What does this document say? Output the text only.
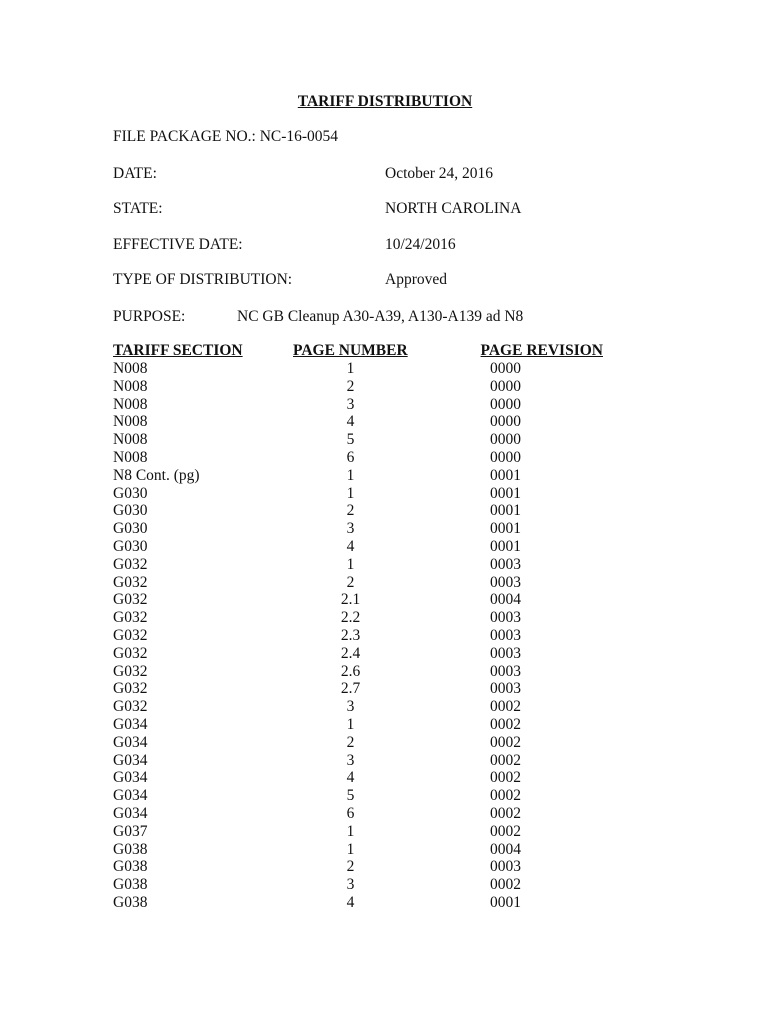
TARIFF DISTRIBUTION
FILE PACKAGE NO.: NC-16-0054
DATE:	October 24, 2016
STATE:	NORTH CAROLINA
EFFECTIVE DATE:	10/24/2016
TYPE OF DISTRIBUTION:	Approved
PURPOSE:	NC GB Cleanup A30-A39, A130-A139 ad N8
TARIFF SECTION	PAGE NUMBER	PAGE REVISION
N008	1	0000
N008	2	0000
N008	3	0000
N008	4	0000
N008	5	0000
N008	6	0000
N8 Cont. (pg)	1	0001
G030	1	0001
G030	2	0001
G030	3	0001
G030	4	0001
G032	1	0003
G032	2	0003
G032	2.1	0004
G032	2.2	0003
G032	2.3	0003
G032	2.4	0003
G032	2.6	0003
G032	2.7	0003
G032	3	0002
G034	1	0002
G034	2	0002
G034	3	0002
G034	4	0002
G034	5	0002
G034	6	0002
G037	1	0002
G038	1	0004
G038	2	0003
G038	3	0002
G038	4	0001
